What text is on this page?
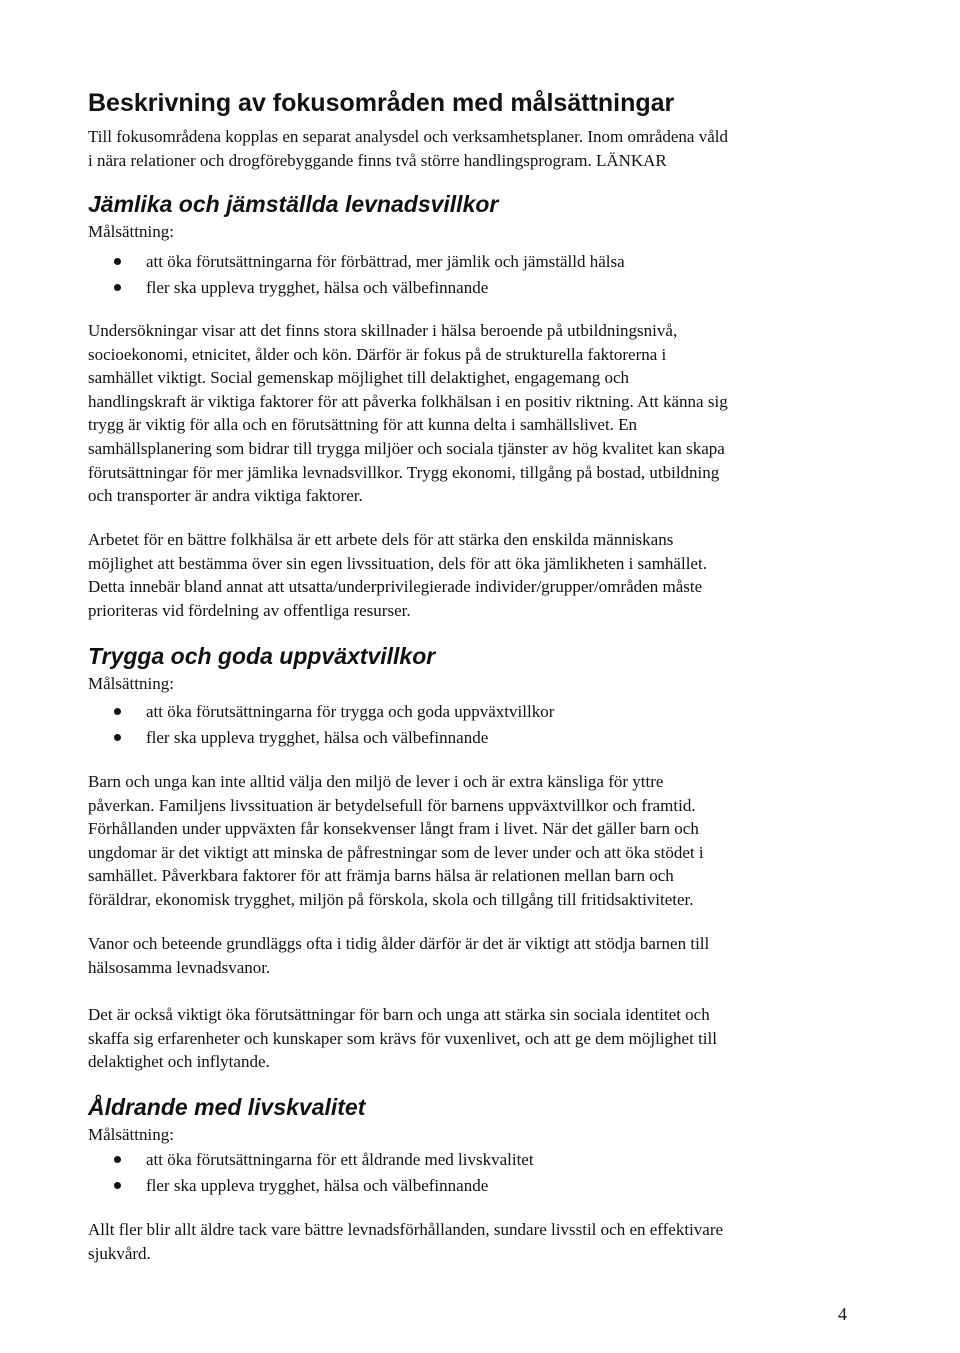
Beskrivning av fokusområden med målsättningar
Till fokusområdena kopplas en separat analysdel och verksamhetsplaner. Inom områdena våld
i nära relationer och drogförebyggande finns två större handlingsprogram. LÄNKAR
Jämlika och jämställda levnadsvillkor
Målsättning:
att öka förutsättningarna för förbättrad, mer jämlik och jämställd hälsa
fler ska uppleva trygghet, hälsa och välbefinnande
Undersökningar visar att det finns stora skillnader i hälsa beroende på utbildningsnivå,
socioekonomi, etnicitet, ålder och kön. Därför är fokus på de strukturella faktorerna i
samhället viktigt. Social gemenskap möjlighet till delaktighet, engagemang och
handlingskraft är viktiga faktorer för att påverka folkhälsan i en positiv riktning. Att känna sig
trygg är viktig för alla och en förutsättning för att kunna delta i samhällslivet. En
samhällsplanering som bidrar till trygga miljöer och sociala tjänster av hög kvalitet kan skapa
förutsättningar för mer jämlika levnadsvillkor. Trygg ekonomi, tillgång på bostad, utbildning
och transporter är andra viktiga faktorer.
Arbetet för en bättre folkhälsa är ett arbete dels för att stärka den enskilda människans
möjlighet att bestämma över sin egen livssituation, dels för att öka jämlikheten i samhället.
Detta innebär bland annat att utsatta/underprivilegierade individer/grupper/områden måste
prioriteras vid fördelning av offentliga resurser.
Trygga och goda uppväxtvillkor
Målsättning:
att öka förutsättningarna för trygga och goda uppväxtvillkor
fler ska uppleva trygghet, hälsa och välbefinnande
Barn och unga kan inte alltid välja den miljö de lever i och är extra känsliga för yttre
påverkan. Familjens livssituation är betydelsefull för barnens uppväxtvillkor och framtid.
Förhållanden under uppväxten får konsekvenser långt fram i livet. När det gäller barn och
ungdomar är det viktigt att minska de påfrestningar som de lever under och att öka stödet i
samhället. Påverkbara faktorer för att främja barns hälsa är relationen mellan barn och
föräldrar, ekonomisk trygghet, miljön på förskola, skola och tillgång till fritidsaktiviteter.
Vanor och beteende grundläggs ofta i tidig ålder därför är det är viktigt att stödja barnen till
hälsosamma levnadsvanor.
Det är också viktigt öka förutsättningar för barn och unga att stärka sin sociala identitet och
skaffa sig erfarenheter och kunskaper som krävs för vuxenlivet, och att ge dem möjlighet till
delaktighet och inflytande.
Åldrande med livskvalitet
Målsättning:
att öka förutsättningarna för ett åldrande med livskvalitet
fler ska uppleva trygghet, hälsa och välbefinnande
Allt fler blir allt äldre tack vare bättre levnadsförhållanden, sundare livsstil och en effektivare
sjukvård.
4
